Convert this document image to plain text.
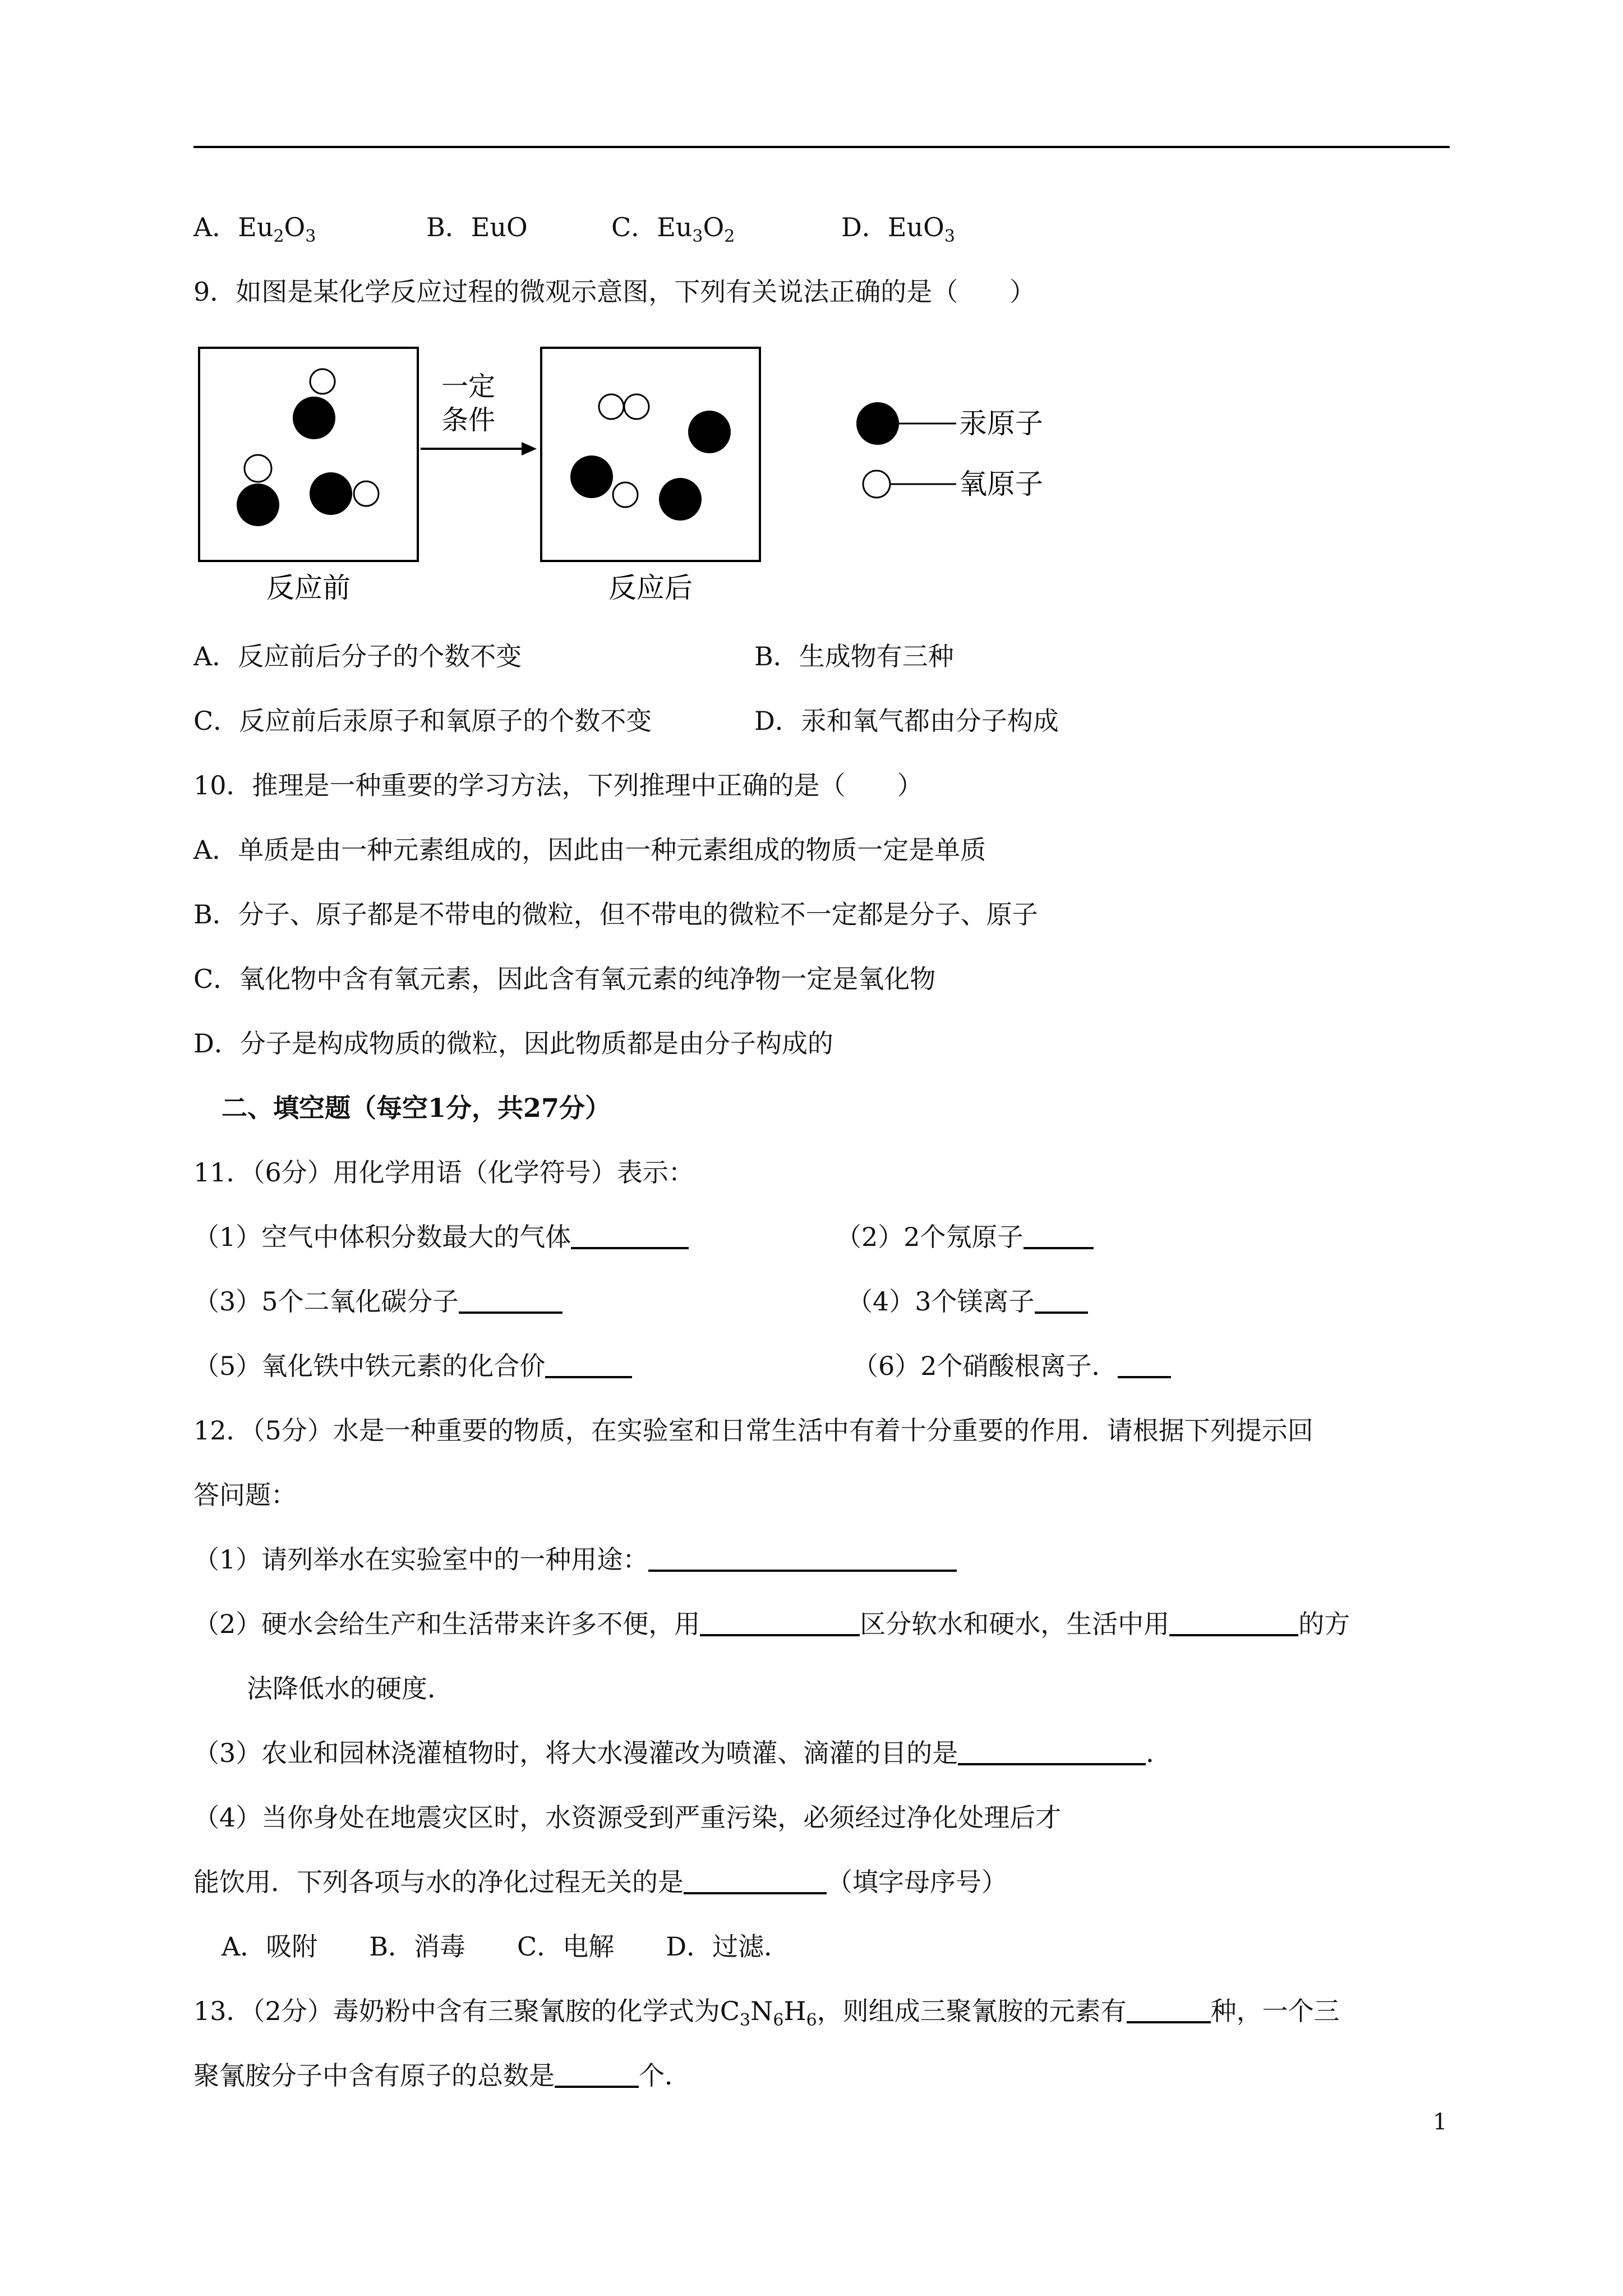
A．$Eu_2O_3$	B．EuO	C．$Eu_3O_2$	D．EuO$_3$
9．如图是某化学反应过程的微观示意图，下列有关说法正确的是（　　）
一定
条件
反应前	反应后
汞原子
氧原子
A．反应前后分子的个数不变	B．生成物有三种
C．反应前后汞原子和氧原子的个数不变	D．汞和氧气都由分子构成
10．推理是一种重要的学习方法，下列推理中正确的是（　　）
A．单质是由一种元素组成的，因此由一种元素组成的物质一定是单质
B．分子、原子都是不带电的微粒，但不带电的微粒不一定都是分子、原子
C．氧化物中含有氧元素，因此含有氧元素的纯净物一定是氧化物
D．分子是构成物质的微粒，因此物质都是由分子构成的
二、填空题（每空1分，共27分）
11．（6分）用化学用语（化学符号）表示：
（1）空气中体积分数最大的气体	（2）2个氖原子
（3）5个二氧化碳分子	（4）3个镁离子
（5）氧化铁中铁元素的化合价	（6）2个硝酸根离子．
12．（5分）水是一种重要的物质，在实验室和日常生活中有着十分重要的作用．请根据下列提示回
答问题：
（1）请列举水在实验室中的一种用途：
（2）硬水会给生产和生活带来许多不便，用	区分软水和硬水，生活中用	的方
法降低水的硬度．
（3）农业和园林浇灌植物时，将大水漫灌改为喷灌、滴灌的目的是	．
（4）当你身处在地震灾区时，水资源受到严重污染，必须经过净化处理后才
能饮用．下列各项与水的净化过程无关的是	（填字母序号）
A．吸附　　B．消毒　　C．电解　　D．过滤．
13．（2分）毒奶粉中含有三聚氰胺的化学式为$C_3N_6H_6$，则组成三聚氰胺的元素有	种，一个三
聚氰胺分子中含有原子的总数是	个．
1
